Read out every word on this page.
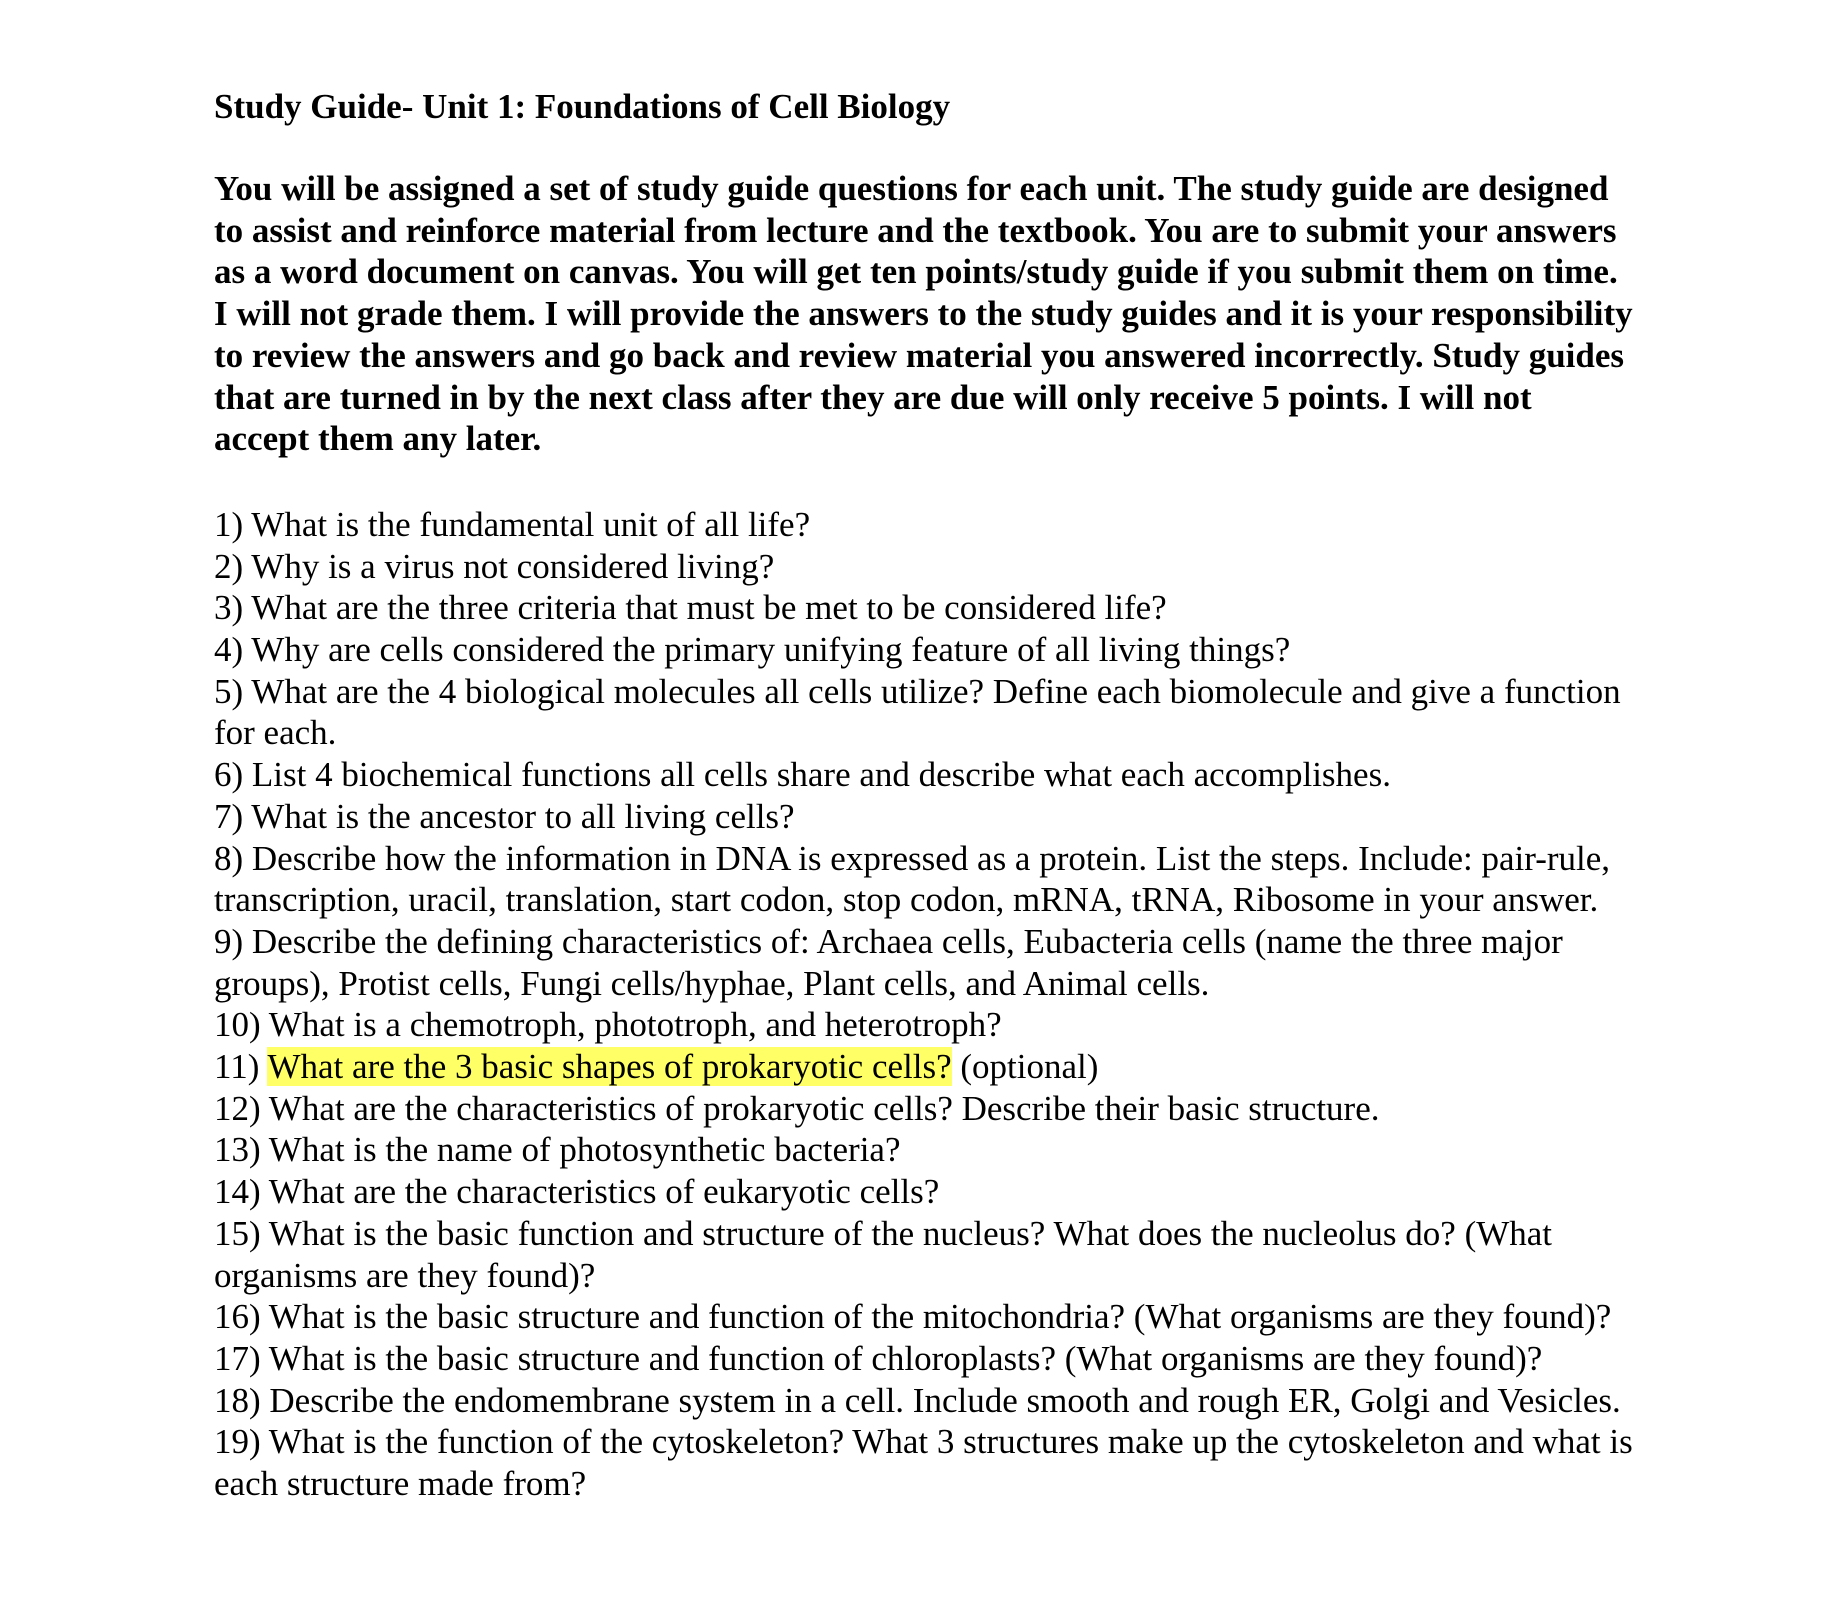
Study Guide- Unit 1: Foundations of Cell Biology

You will be assigned a set of study guide questions for each unit. The study guide are designed to assist and reinforce material from lecture and the textbook. You are to submit your answers as a word document on canvas. You will get ten points/study guide if you submit them on time. I will not grade them. I will provide the answers to the study guides and it is your responsibility to review the answers and go back and review material you answered incorrectly. Study guides that are turned in by the next class after they are due will only receive 5 points. I will not accept them any later.

1) What is the fundamental unit of all life?
2) Why is a virus not considered living?
3) What are the three criteria that must be met to be considered life?
4) Why are cells considered the primary unifying feature of all living things?
5) What are the 4 biological molecules all cells utilize? Define each biomolecule and give a function for each.
6) List 4 biochemical functions all cells share and describe what each accomplishes.
7) What is the ancestor to all living cells?
8) Describe how the information in DNA is expressed as a protein. List the steps. Include: pair-rule, transcription, uracil, translation, start codon, stop codon, mRNA, tRNA, Ribosome in your answer.
9) Describe the defining characteristics of: Archaea cells, Eubacteria cells (name the three major groups), Protist cells, Fungi cells/hyphae, Plant cells, and Animal cells.
10) What is a chemotroph, phototroph, and heterotroph?
11) What are the 3 basic shapes of prokaryotic cells? (optional)
12) What are the characteristics of prokaryotic cells? Describe their basic structure.
13) What is the name of photosynthetic bacteria?
14) What are the characteristics of eukaryotic cells?
15) What is the basic function and structure of the nucleus? What does the nucleolus do? (What organisms are they found)?
16) What is the basic structure and function of the mitochondria? (What organisms are they found)?
17) What is the basic structure and function of chloroplasts? (What organisms are they found)?
18) Describe the endomembrane system in a cell. Include smooth and rough ER, Golgi and Vesicles.
19) What is the function of the cytoskeleton? What 3 structures make up the cytoskeleton and what is each structure made from?
